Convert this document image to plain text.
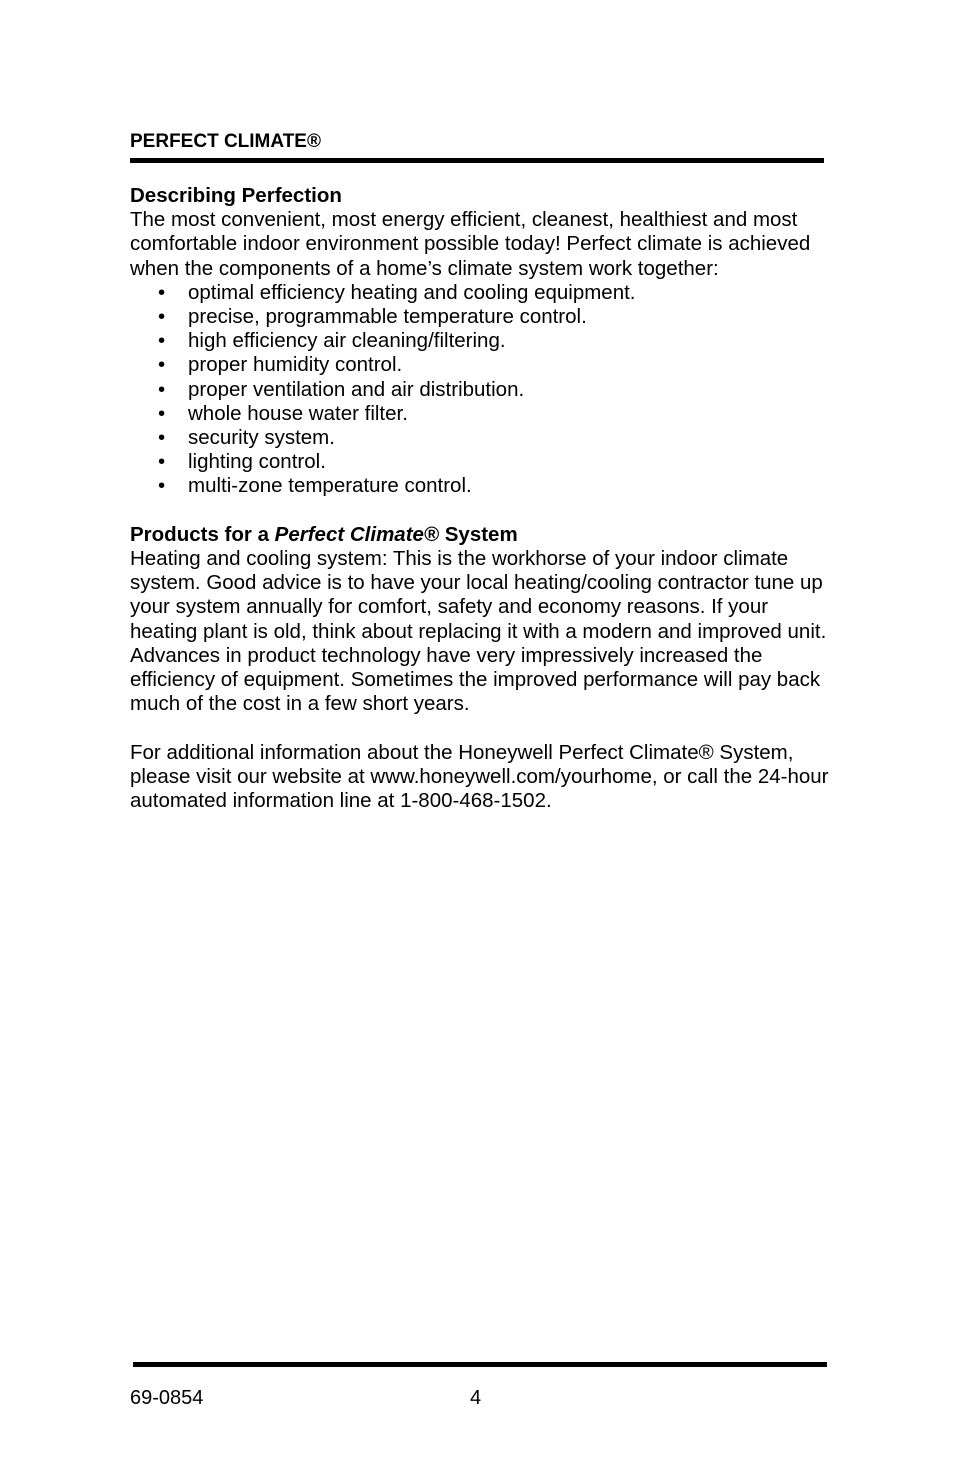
PERFECT CLIMATE®

Describing Perfection

The most convenient, most energy efficient, cleanest, healthiest and most comfortable indoor environment possible today! Perfect climate is achieved when the components of a home’s climate system work together:

• optimal efficiency heating and cooling equipment.
• precise, programmable temperature control.
• high efficiency air cleaning/filtering.
• proper humidity control.
• proper ventilation and air distribution.
• whole house water filter.
• security system.
• lighting control.
• multi-zone temperature control.

Products for a Perfect Climate® System

Heating and cooling system: This is the workhorse of your indoor climate system. Good advice is to have your local heating/cooling contractor tune up your system annually for comfort, safety and economy reasons. If your heating plant is old, think about replacing it with a modern and improved unit. Advances in product technology have very impressively increased the efficiency of equipment. Sometimes the improved performance will pay back much of the cost in a few short years.

For additional information about the Honeywell Perfect Climate® System, please visit our website at www.honeywell.com/yourhome, or call the 24-hour automated information line at 1-800-468-1502.

69-0854	4
